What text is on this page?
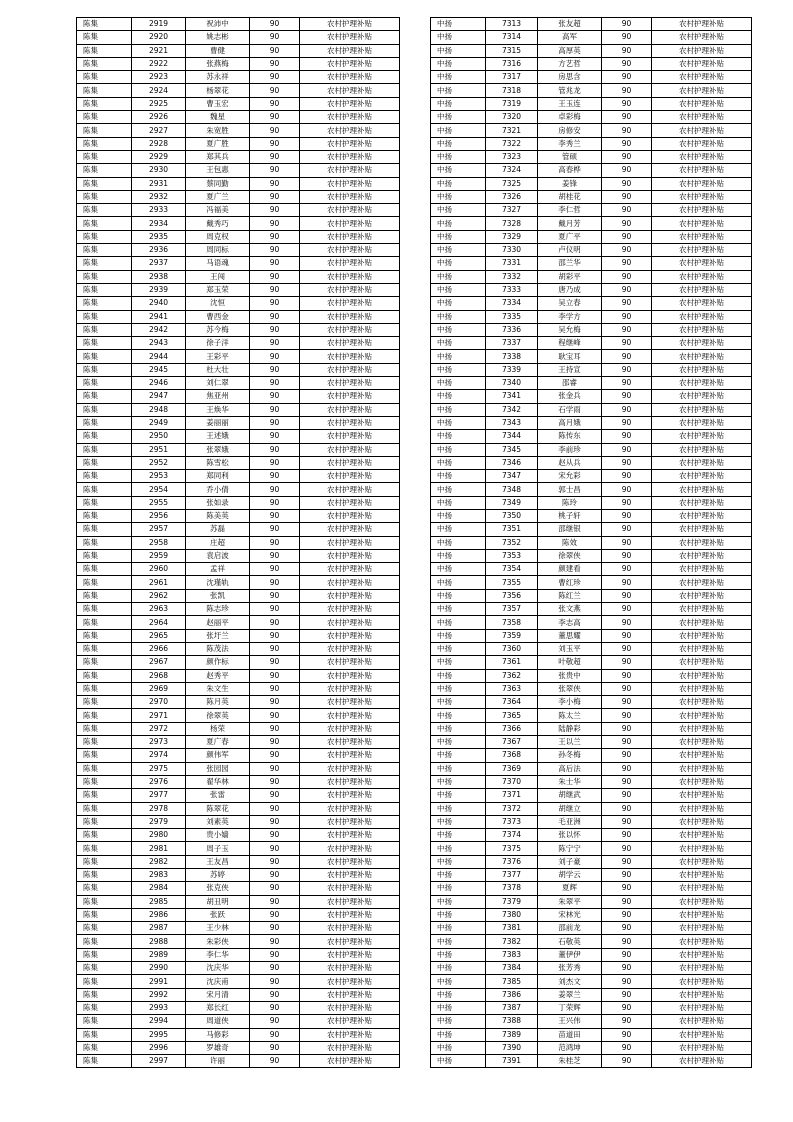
陈集	2919	祝沛中	90	农村护理补贴
陈集	2920	姚志彬	90	农村护理补贴
陈集	2921	曹健	90	农村护理补贴
陈集	2922	张燕梅	90	农村护理补贴
陈集	2923	苏永祥	90	农村护理补贴
陈集	2924	杨翠花	90	农村护理补贴
陈集	2925	曹玉宏	90	农村护理补贴
陈集	2926	魏星	90	农村护理补贴
陈集	2927	朱宽胜	90	农村护理补贴
陈集	2928	夏广胜	90	农村护理补贴
陈集	2929	郑其兵	90	农村护理补贴
陈集	2930	王包惠	90	农村护理补贴
陈集	2931	蔡同勤	90	农村护理补贴
陈集	2932	夏广兰	90	农村护理补贴
陈集	2933	冯福美	90	农村护理补贴
陈集	2934	戴秀巧	90	农村护理补贴
陈集	2935	周克权	90	农村护理补贴
陈集	2936	周同标	90	农村护理补贴
陈集	2937	马语魂	90	农村护理补贴
陈集	2938	王闯	90	农村护理补贴
陈集	2939	郑玉荣	90	农村护理补贴
陈集	2940	沈恒	90	农村护理补贴
陈集	2941	曹西金	90	农村护理补贴
陈集	2942	苏今梅	90	农村护理补贴
陈集	2943	徐子洋	90	农村护理补贴
陈集	2944	王彩平	90	农村护理补贴
陈集	2945	杜大壮	90	农村护理补贴
陈集	2946	刘仁翠	90	农村护理补贴
陈集	2947	焦亚州	90	农村护理补贴
陈集	2948	王焕华	90	农村护理补贴
陈集	2949	姜丽丽	90	农村护理补贴
陈集	2950	王述娥	90	农村护理补贴
陈集	2951	张翠娥	90	农村护理补贴
陈集	2952	陈雪松	90	农村护理补贴
陈集	2953	郑同利	90	农村护理补贴
陈集	2954	乔小倩	90	农村护理补贴
陈集	2955	张如录	90	农村护理补贴
陈集	2956	陈美英	90	农村护理补贴
陈集	2957	苏磊	90	农村护理补贴
陈集	2958	庄超	90	农村护理补贴
陈集	2959	袁启波	90	农村护理补贴
陈集	2960	孟祥	90	农村护理补贴
陈集	2961	沈瑾轨	90	农村护理补贴
陈集	2962	张凯	90	农村护理补贴
陈集	2963	陈志珍	90	农村护理补贴
陈集	2964	赵丽平	90	农村护理补贴
陈集	2965	张圩兰	90	农村护理补贴
陈集	2966	陈茂法	90	农村护理补贴
陈集	2967	颜作标	90	农村护理补贴
陈集	2968	赵秀平	90	农村护理补贴
陈集	2969	朱文生	90	农村护理补贴
陈集	2970	陈月英	90	农村护理补贴
陈集	2971	徐翠英	90	农村护理补贴
陈集	2972	杨荣	90	农村护理补贴
陈集	2973	夏广春	90	农村护理补贴
陈集	2974	颜伟军	90	农村护理补贴
陈集	2975	张园园	90	农村护理补贴
陈集	2976	翟华林	90	农村护理补贴
陈集	2977	张雷	90	农村护理补贴
陈集	2978	陈翠花	90	农村护理补贴
陈集	2979	刘素英	90	农村护理补贴
陈集	2980	贵小嫱	90	农村护理补贴
陈集	2981	周子玉	90	农村护理补贴
陈集	2982	王友昌	90	农村护理补贴
陈集	2983	苏婷	90	农村护理补贴
陈集	2984	张克侠	90	农村护理补贴
陈集	2985	胡丑明	90	农村护理补贴
陈集	2986	张跃	90	农村护理补贴
陈集	2987	王少林	90	农村护理补贴
陈集	2988	朱彩侠	90	农村护理补贴
陈集	2989	李仁华	90	农村护理补贴
陈集	2990	沈庆华	90	农村护理补贴
陈集	2991	沈庆甫	90	农村护理补贴
陈集	2992	宋月清	90	农村护理补贴
陈集	2993	郑长红	90	农村护理补贴
陈集	2994	周道侠	90	农村护理补贴
陈集	2995	马修彩	90	农村护理补贴
陈集	2996	罗雄奇	90	农村护理补贴
陈集	2997	许丽	90	农村护理补贴
中扬	7313	张友超	90	农村护理补贴
中扬	7314	高军	90	农村护理补贴
中扬	7315	高厚英	90	农村护理补贴
中扬	7316	方艺哲	90	农村护理补贴
中扬	7317	房思含	90	农村护理补贴
中扬	7318	管兆龙	90	农村护理补贴
中扬	7319	王玉连	90	农村护理补贴
中扬	7320	卓彩梅	90	农村护理补贴
中扬	7321	房修安	90	农村护理补贴
中扬	7322	李秀兰	90	农村护理补贴
中扬	7323	管硕	90	农村护理补贴
中扬	7324	高春桦	90	农村护理补贴
中扬	7325	姜锋	90	农村护理补贴
中扬	7326	胡桂花	90	农村护理补贴
中扬	7327	李仁哲	90	农村护理补贴
中扬	7328	戴月芳	90	农村护理补贴
中扬	7329	夏广平	90	农村护理补贴
中扬	7330	卢仪明	90	农村护理补贴
中扬	7331	邵兰华	90	农村护理补贴
中扬	7332	胡彩平	90	农村护理补贴
中扬	7333	唐乃成	90	农村护理补贴
中扬	7334	吴立春	90	农村护理补贴
中扬	7335	李学方	90	农村护理补贴
中扬	7336	吴允梅	90	农村护理补贴
中扬	7337	程继峰	90	农村护理补贴
中扬	7338	耿宝耳	90	农村护理补贴
中扬	7339	王持宣	90	农村护理补贴
中扬	7340	邵睿	90	农村护理补贴
中扬	7341	张金兵	90	农村护理补贴
中扬	7342	石学雨	90	农村护理补贴
中扬	7343	高月娥	90	农村护理补贴
中扬	7344	陈传东	90	农村护理补贴
中扬	7345	李前珍	90	农村护理补贴
中扬	7346	赵从兵	90	农村护理补贴
中扬	7347	宋允彩	90	农村护理补贴
中扬	7348	郭士昌	90	农村护理补贴
中扬	7349	陈玲	90	农村护理补贴
中扬	7350	桃子轩	90	农村护理补贴
中扬	7351	邵继银	90	农村护理补贴
中扬	7352	陈效	90	农村护理补贴
中扬	7353	徐翠侠	90	农村护理补贴
中扬	7354	颜建看	90	农村护理补贴
中扬	7355	曹红珍	90	农村护理补贴
中扬	7356	陈红兰	90	农村护理补贴
中扬	7357	张文燕	90	农村护理补贴
中扬	7358	李志高	90	农村护理补贴
中扬	7359	董思耀	90	农村护理补贴
中扬	7360	刘玉平	90	农村护理补贴
中扬	7361	叶敬超	90	农村护理补贴
中扬	7362	张贵中	90	农村护理补贴
中扬	7363	张翠侠	90	农村护理补贴
中扬	7364	李小梅	90	农村护理补贴
中扬	7365	陈太兰	90	农村护理补贴
中扬	7366	陆静彩	90	农村护理补贴
中扬	7367	王以兰	90	农村护理补贴
中扬	7368	孙冬梅	90	农村护理补贴
中扬	7369	高后法	90	农村护理补贴
中扬	7370	朱士华	90	农村护理补贴
中扬	7371	胡继武	90	农村护理补贴
中扬	7372	胡继立	90	农村护理补贴
中扬	7373	毛亚洲	90	农村护理补贴
中扬	7374	张以怀	90	农村护理补贴
中扬	7375	陈宁宁	90	农村护理补贴
中扬	7376	刘子豪	90	农村护理补贴
中扬	7377	胡学云	90	农村护理补贴
中扬	7378	夏辉	90	农村护理补贴
中扬	7379	朱翠平	90	农村护理补贴
中扬	7380	宋林光	90	农村护理补贴
中扬	7381	邵前龙	90	农村护理补贴
中扬	7382	石敬英	90	农村护理补贴
中扬	7383	董伊伊	90	农村护理补贴
中扬	7384	张芳秀	90	农村护理补贴
中扬	7385	刘杰文	90	农村护理补贴
中扬	7386	姜翠兰	90	农村护理补贴
中扬	7387	丁荣辉	90	农村护理补贴
中扬	7388	王兴伟	90	农村护理补贴
中扬	7389	苗道田	90	农村护理补贴
中扬	7390	范鸿坤	90	农村护理补贴
中扬	7391	朱桂芝	90	农村护理补贴
